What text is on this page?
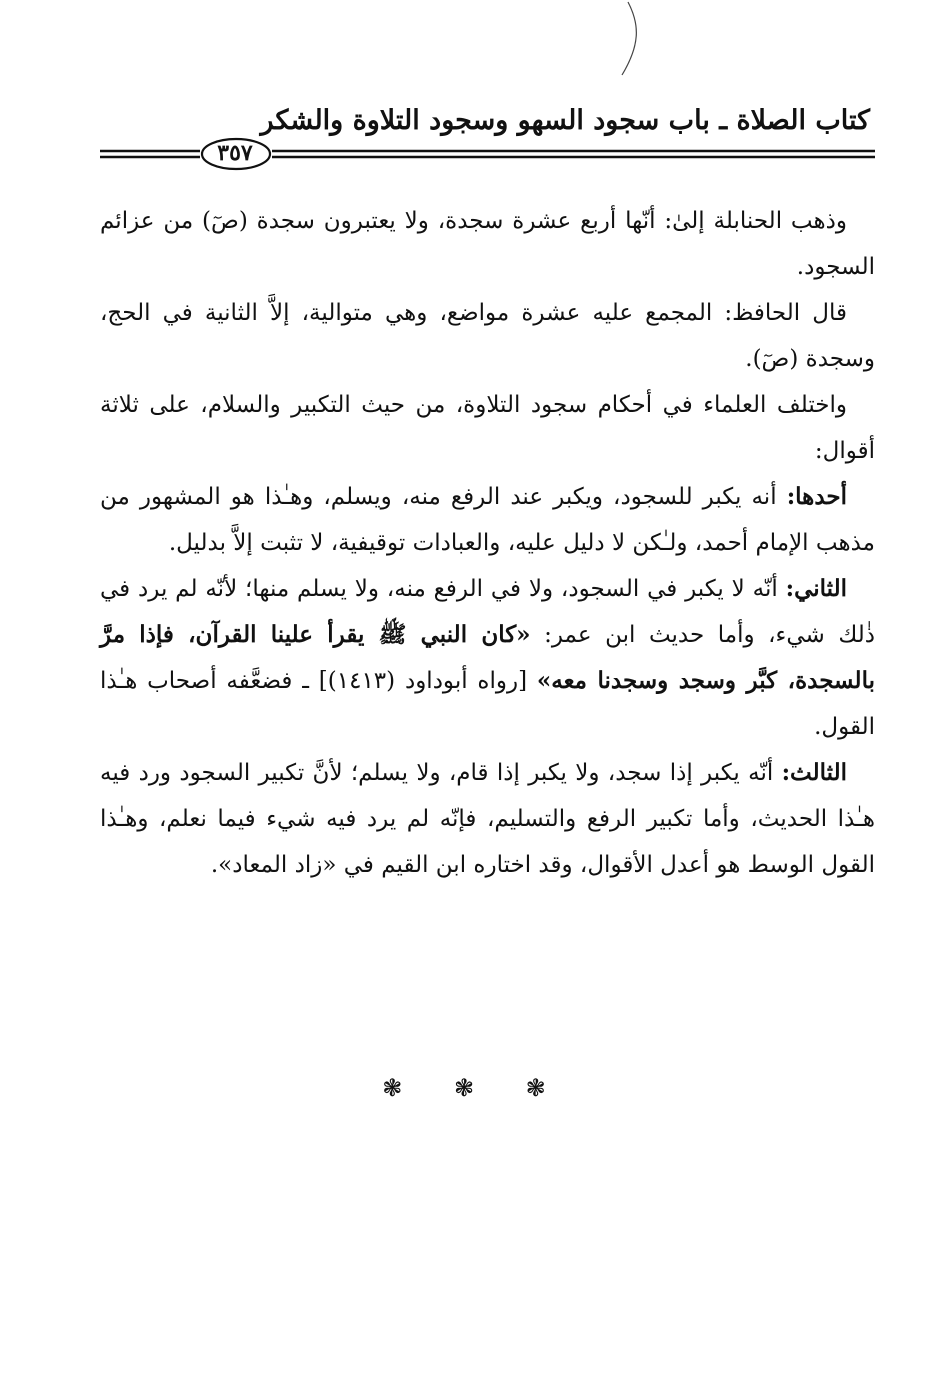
كتاب الصلاة ـ باب سجود السهو وسجود التلاوة والشكر
٣٥٧

وذهب الحنابلة إلىٰ: أنّها أربع عشرة سجدة، ولا يعتبرون سجدة (صٓ) من عزائم السجود.

قال الحافظ: المجمع عليه عشرة مواضع، وهي متوالية، إلاَّ الثانية في الحج، وسجدة (صٓ).

واختلف العلماء في أحكام سجود التلاوة، من حيث التكبير والسلام، على ثلاثة أقوال:

أحدها: أنه يكبر للسجود، ويكبر عند الرفع منه، ويسلم، وهـٰذا هو المشهور من مذهب الإمام أحمد، ولـٰكن لا دليل عليه، والعبادات توقيفية، لا تثبت إلاَّ بدليل.

الثاني: أنّه لا يكبر في السجود، ولا في الرفع منه، ولا يسلم منها؛ لأنّه لم يرد في ذٰلك شيء، وأما حديث ابن عمر: «كان النبي ﷺ يقرأ علينا القرآن، فإذا مرَّ بالسجدة، كبَّر وسجد وسجدنا معه» [رواه أبوداود (١٤١٣)] ـ فضعَّفه أصحاب هـٰذا القول.

الثالث: أنّه يكبر إذا سجد، ولا يكبر إذا قام، ولا يسلم؛ لأنَّ تكبير السجود ورد فيه هـٰذا الحديث، وأما تكبير الرفع والتسليم، فإنّه لم يرد فيه شيء فيما نعلم، وهـٰذا القول الوسط هو أعدل الأقوال، وقد اختاره ابن القيم في «زاد المعاد».

❃ ❃ ❃
